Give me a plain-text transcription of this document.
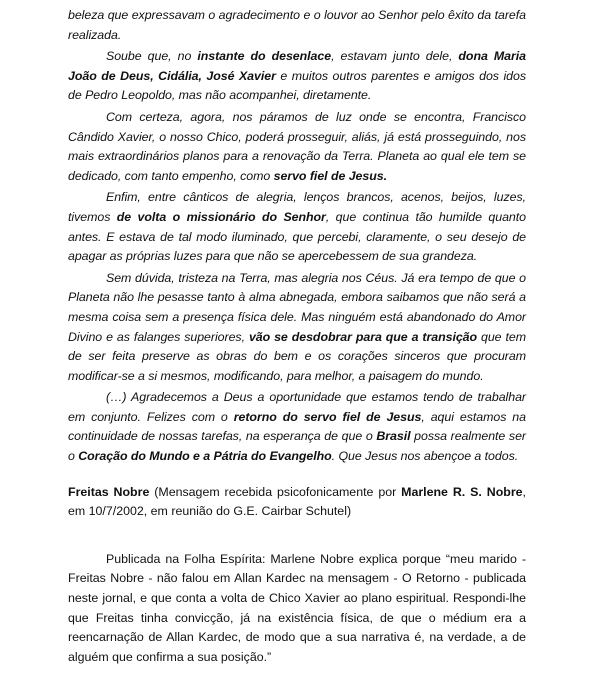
beleza que expressavam o agradecimento e o louvor ao Senhor pelo êxito da tarefa realizada.

Soube que, no instante do desenlace, estavam junto dele, dona Maria João de Deus, Cidália, José Xavier e muitos outros parentes e amigos dos idos de Pedro Leopoldo, mas não acompanhei, diretamente.

Com certeza, agora, nos páramos de luz onde se encontra, Francisco Cândido Xavier, o nosso Chico, poderá prosseguir, aliás, já está prosseguindo, nos mais extraordinários planos para a renovação da Terra. Planeta ao qual ele tem se dedicado, com tanto empenho, como servo fiel de Jesus.

Enfim, entre cânticos de alegria, lenços brancos, acenos, beijos, luzes, tivemos de volta o missionário do Senhor, que continua tão humilde quanto antes. E estava de tal modo iluminado, que percebi, claramente, o seu desejo de apagar as próprias luzes para que não se apercebessem de sua grandeza.

Sem dúvida, tristeza na Terra, mas alegria nos Céus. Já era tempo de que o Planeta não lhe pesasse tanto à alma abnegada, embora saibamos que não será a mesma coisa sem a presença física dele. Mas ninguém está abandonado do Amor Divino e as falanges superiores, vão se desdobrar para que a transição que tem de ser feita preserve as obras do bem e os corações sinceros que procuram modificar-se a si mesmos, modificando, para melhor, a paisagem do mundo.

(…) Agradecemos a Deus a oportunidade que estamos tendo de trabalhar em conjunto. Felizes com o retorno do servo fiel de Jesus, aqui estamos na continuidade de nossas tarefas, na esperança de que o Brasil possa realmente ser o Coração do Mundo e a Pátria do Evangelho. Que Jesus nos abençoe a todos.

Freitas Nobre (Mensagem recebida psicofonicamente por Marlene R. S. Nobre, em 10/7/2002, em reunião do G.E. Cairbar Schutel)

Publicada na Folha Espírita: Marlene Nobre explica porque “meu marido - Freitas Nobre - não falou em Allan Kardec na mensagem - O Retorno - publicada neste jornal, e que conta a volta de Chico Xavier ao plano espiritual. Respondi-lhe que Freitas tinha convicção, já na existência física, de que o médium era a reencarnação de Allan Kardec, de modo que a sua narrativa é, na verdade, a de alguém que confirma a sua posição.”
